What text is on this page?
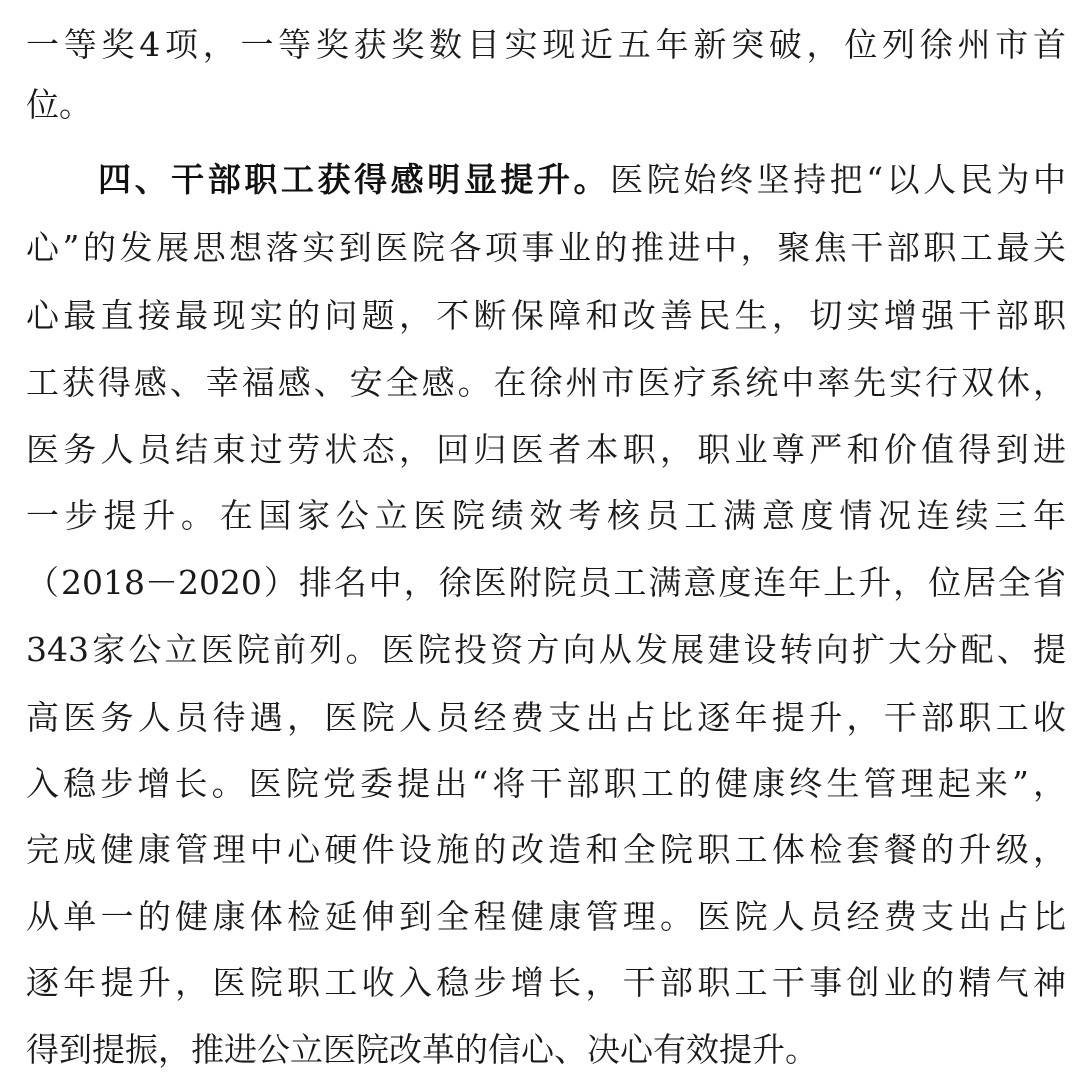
一等奖4项，一等奖获奖数目实现近五年新突破，位列徐州市首
位。
四、干部职工获得感明显提升。医院始终坚持把“以人民为中
心”的发展思想落实到医院各项事业的推进中，聚焦干部职工最关
心最直接最现实的问题，不断保障和改善民生，切实增强干部职
工获得感、幸福感、安全感。在徐州市医疗系统中率先实行双休，
医务人员结束过劳状态，回归医者本职，职业尊严和价值得到进
一步提升。在国家公立医院绩效考核员工满意度情况连续三年
（2018－2020）排名中，徐医附院员工满意度连年上升，位居全省
343家公立医院前列。医院投资方向从发展建设转向扩大分配、提
高医务人员待遇，医院人员经费支出占比逐年提升，干部职工收
入稳步增长。医院党委提出“将干部职工的健康终生管理起来”，
完成健康管理中心硬件设施的改造和全院职工体检套餐的升级，
从单一的健康体检延伸到全程健康管理。医院人员经费支出占比
逐年提升，医院职工收入稳步增长，干部职工干事创业的精气神
得到提振，推进公立医院改革的信心、决心有效提升。
